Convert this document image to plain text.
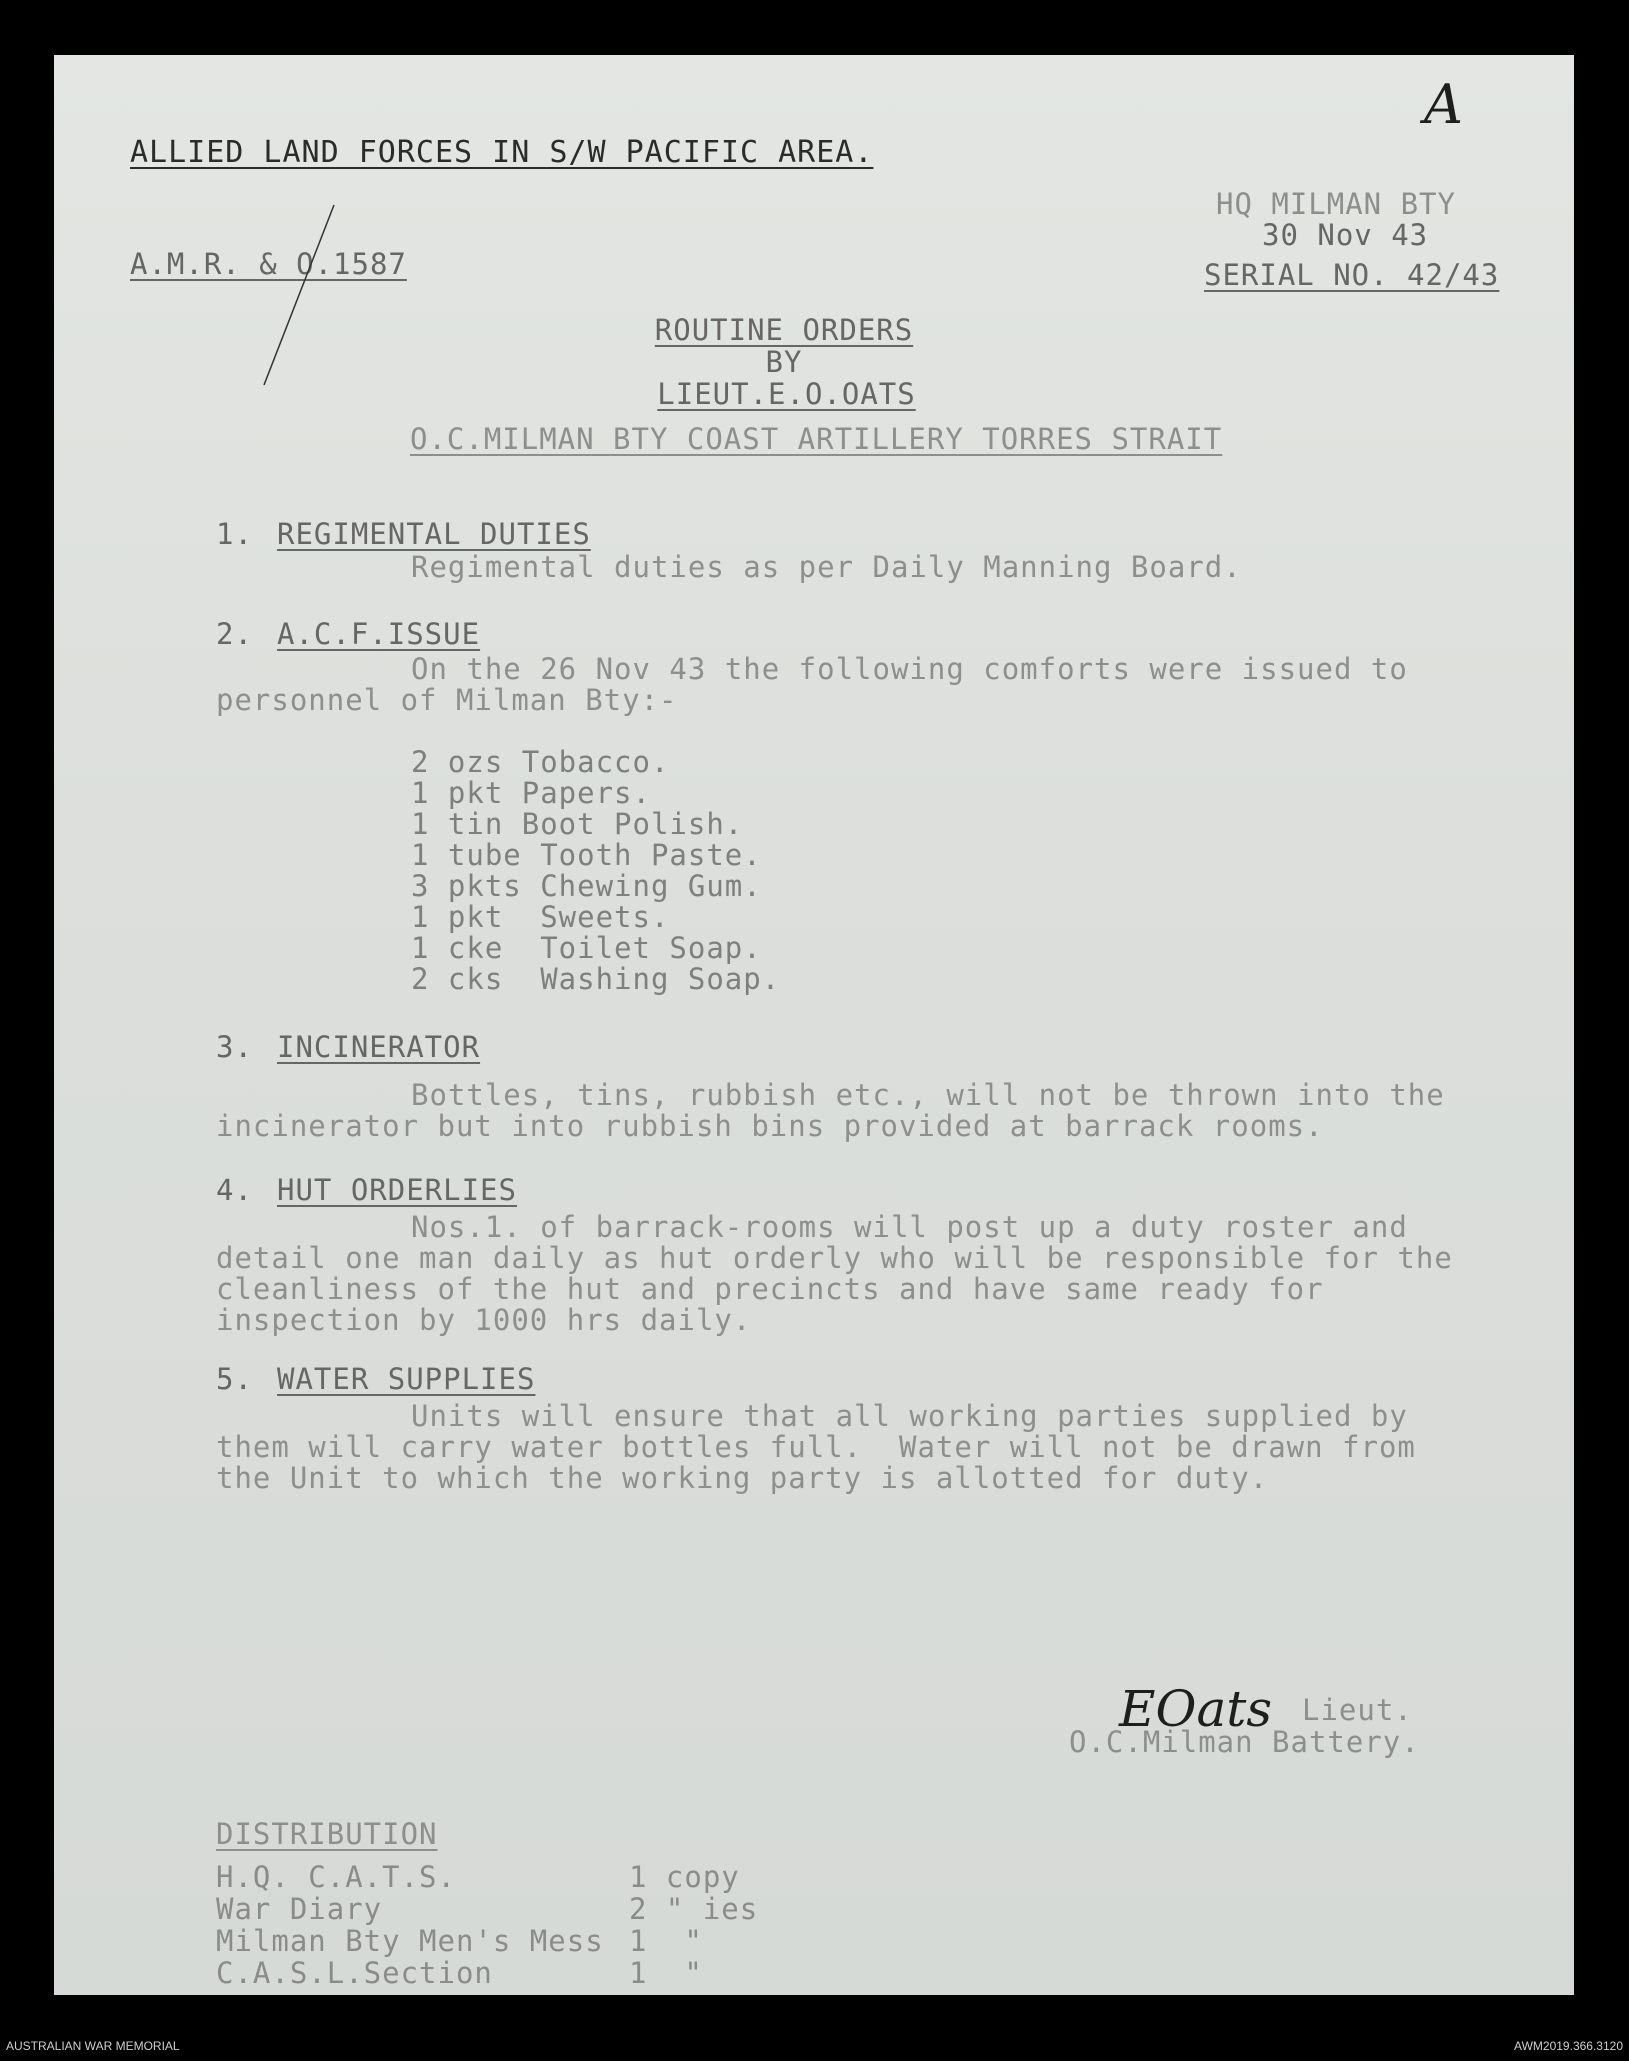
A
ALLIED LAND FORCES IN S/W PACIFIC AREA.
A.M.R. & O.1587
HQ MILMAN BTY
30 Nov 43
SERIAL NO. 42/43
ROUTINE ORDERS
BY
LIEUT.E.O.OATS
O.C.MILMAN BTY COAST ARTILLERY TORRES STRAIT
1. REGIMENTAL DUTIES
Regimental duties as per Daily Manning Board.
2. A.C.F.ISSUE
On the 26 Nov 43 the following comforts were issued to
personnel of Milman Bty:-
2 ozs Tobacco.
1 pkt Papers.
1 tin Boot Polish.
1 tube Tooth Paste.
3 pkts Chewing Gum.
1 pkt  Sweets.
1 cke  Toilet Soap.
2 cks  Washing Soap.
3. INCINERATOR
Bottles, tins, rubbish etc., will not be thrown into the
incinerator but into rubbish bins provided at barrack rooms.
4. HUT ORDERLIES
Nos.1. of barrack-rooms will post up a duty roster and
detail one man daily as hut orderly who will be responsible for the
cleanliness of the hut and precincts and have same ready for
inspection by 1000 hrs daily.
5. WATER SUPPLIES
Units will ensure that all working parties supplied by
them will carry water bottles full.  Water will not be drawn from
the Unit to which the working party is allotted for duty.
EOats Lieut.
O.C.Milman Battery.
DISTRIBUTION
H.Q. C.A.T.S.	1 copy
War Diary	2 " ies
Milman Bty Men's Mess 1  "
C.A.S.L.Section	1  "
AUSTRALIAN WAR MEMORIAL	AWM2019.366.3120
